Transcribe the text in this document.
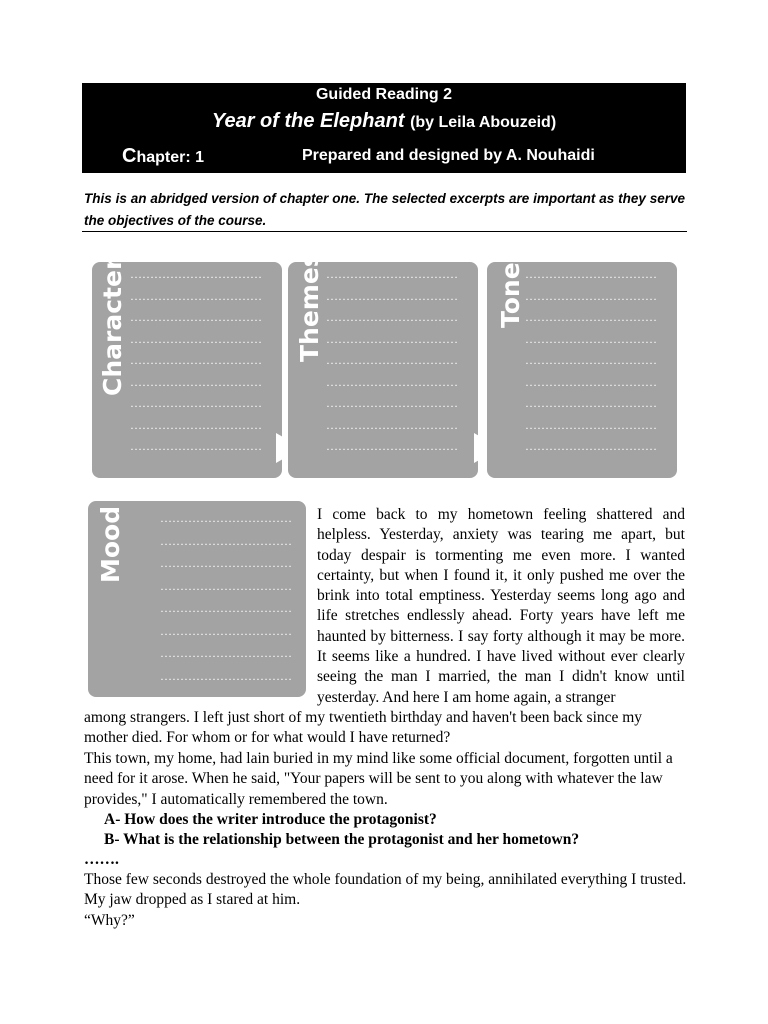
Guided Reading 2
Year of the Elephant (by Leila Abouzeid)
Chapter: 1	Prepared and designed by A. Nouhaidi
This is an abridged version of chapter one. The selected excerpts are important as they serve the objectives of the course.
Characters ……………………………
……………………………
……………………………
……………………………
……………………………
……………………………
……………………………
……………………………
……………………………
Themes ……………………………
……………………………
……………………………
……………………………
……………………………
……………………………
……………………………
……………………………
……………………………
Tone ……………………………
……………………………
……………………………
……………………………
……………………………
……………………………
……………………………
……………………………
……………………………
Mood	……………………………
……………………………
……………………………
……………………………
……………………………
……………………………
……………………………
……………………………
I come back to my hometown feeling shattered and helpless. Yesterday, anxiety was tearing me apart, but today despair is tormenting me even more. I wanted certainty, but when I found it, it only pushed me over the brink into total emptiness. Yesterday seems long ago and life stretches endlessly ahead. Forty years have left me haunted by bitterness. I say forty although it may be more. It seems like a hundred. I have lived without ever clearly seeing the man I married, the man I didn't know until yesterday. And here I am home again, a stranger
among strangers. I left just short of my twentieth birthday and haven't been back since my mother died. For whom or for what would I have returned?
This town, my home, had lain buried in my mind like some official document, forgotten until a need for it arose. When he said, "Your papers will be sent to you along with whatever the law provides," I automatically remembered the town.
A- How does the writer introduce the protagonist?
B- What is the relationship between the protagonist and her hometown?
…….
Those few seconds destroyed the whole foundation of my being, annihilated everything I trusted. My jaw dropped as I stared at him.
“Why?”
